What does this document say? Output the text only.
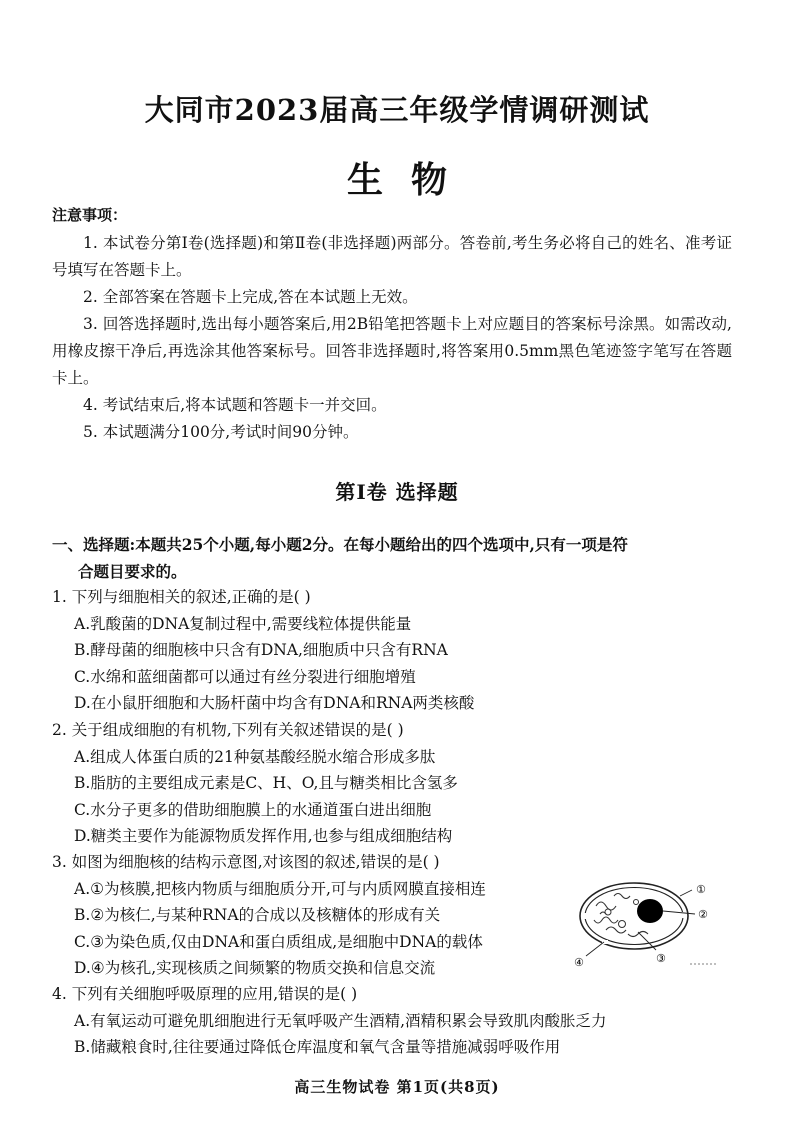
大同市2023届高三年级学情调研测试
生物
注意事项：

1. 本试卷分第Ⅰ卷(选择题)和第Ⅱ卷(非选择题)两部分。答卷前,考生务必将自己的姓名、准考证号填写在答题卡上。

2. 全部答案在答题卡上完成,答在本试题上无效。

3. 回答选择题时,选出每小题答案后,用2B铅笔把答题卡上对应题目的答案标号涂黑。如需改动,用橡皮擦干净后,再选涂其他答案标号。回答非选择题时,将答案用0.5mm黑色笔迹签字笔写在答题卡上。

4. 考试结束后,将本试题和答题卡一并交回。

5. 本试题满分100分,考试时间90分钟。

第Ⅰ卷 选择题
一、选择题:本题共25个小题,每小题2分。在每小题给出的四个选项中,只有一项是符
合题目要求的。

1. 下列与细胞相关的叙述,正确的是( )

A.乳酸菌的DNA复制过程中,需要线粒体提供能量

B.酵母菌的细胞核中只含有DNA,细胞质中只含有RNA

C.水绵和蓝细菌都可以通过有丝分裂进行细胞增殖

D.在小鼠肝细胞和大肠杆菌中均含有DNA和RNA两类核酸

2. 关于组成细胞的有机物,下列有关叙述错误的是( )

A.组成人体蛋白质的21种氨基酸经脱水缩合形成多肽

B.脂肪的主要组成元素是C、H、O,且与糖类相比含氢多

C.水分子更多的借助细胞膜上的水通道蛋白进出细胞

D.糖类主要作为能源物质发挥作用,也参与组成细胞结构

3. 如图为细胞核的结构示意图,对该图的叙述,错误的是( )

A.①为核膜,把核内物质与细胞质分开,可与内质网膜直接相连

B.②为核仁,与某种RNA的合成以及核糖体的形成有关

C.③为染色质,仅由DNA和蛋白质组成,是细胞中DNA的载体

D.④为核孔,实现核质之间频繁的物质交换和信息交流

①
②
③
④

4. 下列有关细胞呼吸原理的应用,错误的是( )

A.有氧运动可避免肌细胞进行无氧呼吸产生酒精,酒精积累会导致肌肉酸胀乏力

B.储藏粮食时,往往要通过降低仓库温度和氧气含量等措施减弱呼吸作用

高三生物试卷 第1页(共8页)
